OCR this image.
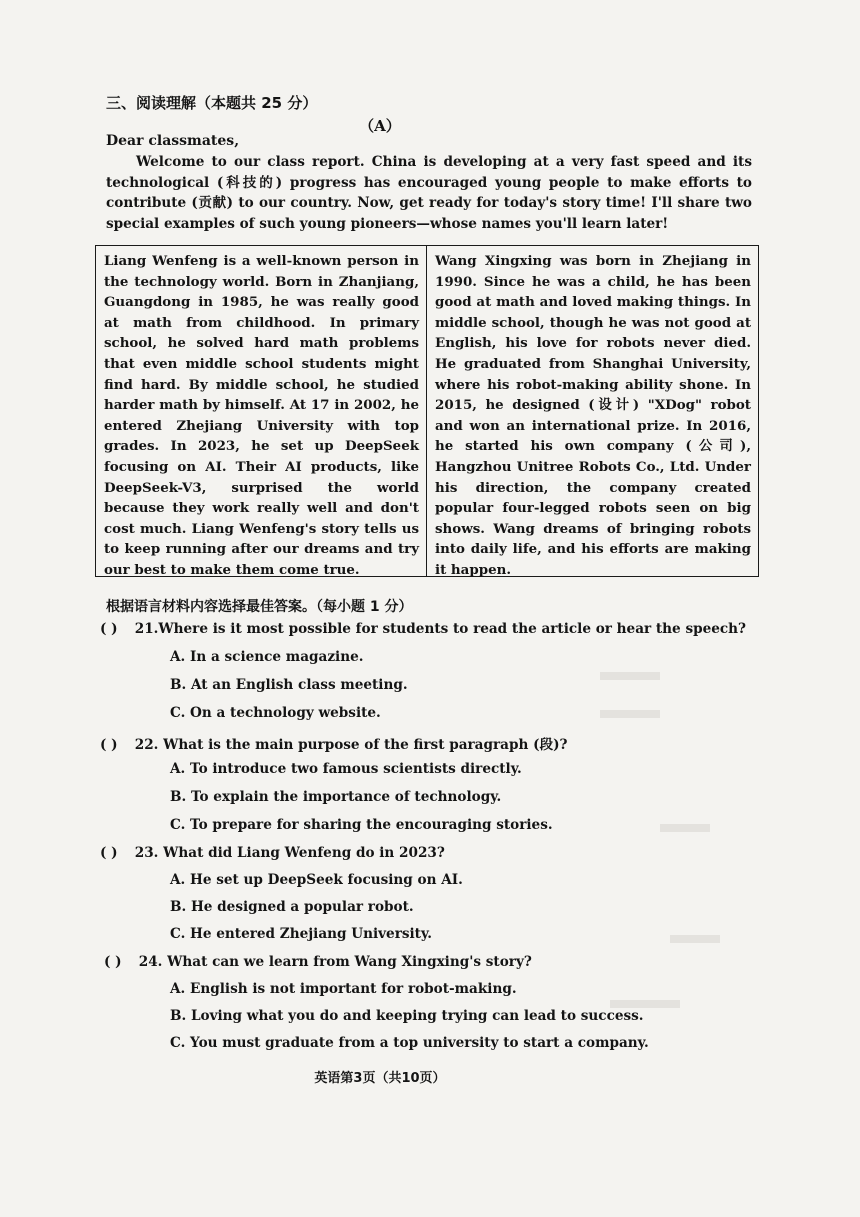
三、阅读理解（本题共 25 分）
（A）
Dear classmates,

Welcome to our class report. China is developing at a very fast speed and its technological (科技的) progress has encouraged young people to make efforts to contribute (贡献) to our country. Now, get ready for today's story time! I'll share two special examples of such young pioneers—whose names you'll learn later!

Liang Wenfeng is a well-known person in the technology world. Born in Zhanjiang, Guangdong in 1985, he was really good at math from childhood. In primary school, he solved hard math problems that even middle school students might find hard. By middle school, he studied harder math by himself. At 17 in 2002, he entered Zhejiang University with top grades. In 2023, he set up DeepSeek focusing on AI. Their AI products, like DeepSeek-V3, surprised the world because they work really well and don't cost much. Liang Wenfeng's story tells us to keep running after our dreams and try our best to make them come true.
Wang Xingxing was born in Zhejiang in 1990. Since he was a child, he has been good at math and loved making things. In middle school, though he was not good at English, his love for robots never died. He graduated from Shanghai University, where his robot-making ability shone. In 2015, he designed (设计) "XDog" robot and won an international prize. In 2016, he started his own company (公司), Hangzhou Unitree Robots Co., Ltd. Under his direction, the company created popular four-legged robots seen on big shows. Wang dreams of bringing robots into daily life, and his efforts are making it happen.
根据语言材料内容选择最佳答案。（每小题 1 分）
( ) 21.Where is it most possible for students to read the article or hear the speech?
A. In a science magazine.
B. At an English class meeting.
C. On a technology website.
( ) 22. What is the main purpose of the first paragraph (段)?
A. To introduce two famous scientists directly.
B. To explain the importance of technology.
C. To prepare for sharing the encouraging stories.
( ) 23. What did Liang Wenfeng do in 2023?
A. He set up DeepSeek focusing on AI.
B. He designed a popular robot.
C. He entered Zhejiang University.
( ) 24. What can we learn from Wang Xingxing's story?
A. English is not important for robot-making.
B. Loving what you do and keeping trying can lead to success.
C. You must graduate from a top university to start a company.
英语第3页（共10页）
